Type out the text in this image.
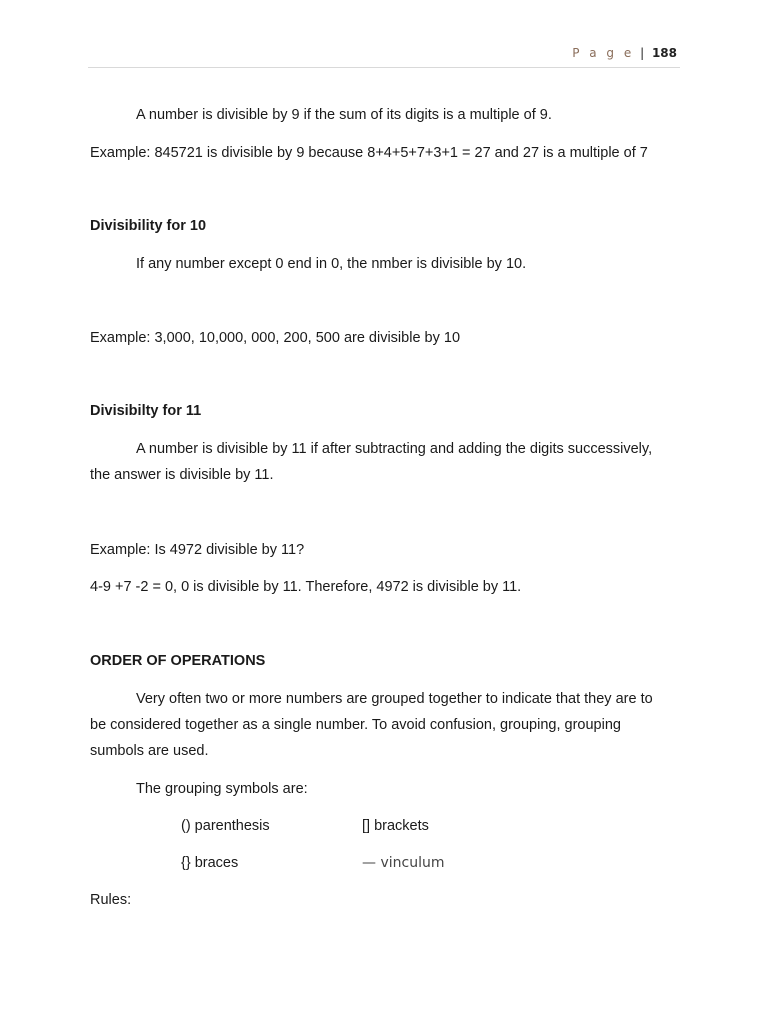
P a g e | 188
A number is divisible by 9 if the sum of its digits is a multiple of 9.
Example: 845721 is divisible by 9 because 8+4+5+7+3+1 = 27 and 27 is a multiple of 7
Divisibility for 10
If any number except 0 end in 0, the nmber is divisible by 10.
Example: 3,000, 10,000, 000, 200, 500 are divisible by 10
Divisibilty for 11
A number is divisible by 11 if after subtracting and adding the digits successively,
the answer is divisible by 11.
Example: Is 4972 divisible by 11?
4-9 +7 -2 = 0, 0 is divisible by 11. Therefore, 4972 is divisible by 11.
ORDER OF OPERATIONS
Very often two or more numbers are grouped together to indicate that they are to
be considered together as a single number. To avoid confusion, grouping, grouping
sumbols are used.
The grouping symbols are:
() parenthesis	[] brackets
{} braces	— vinculum
Rules:
